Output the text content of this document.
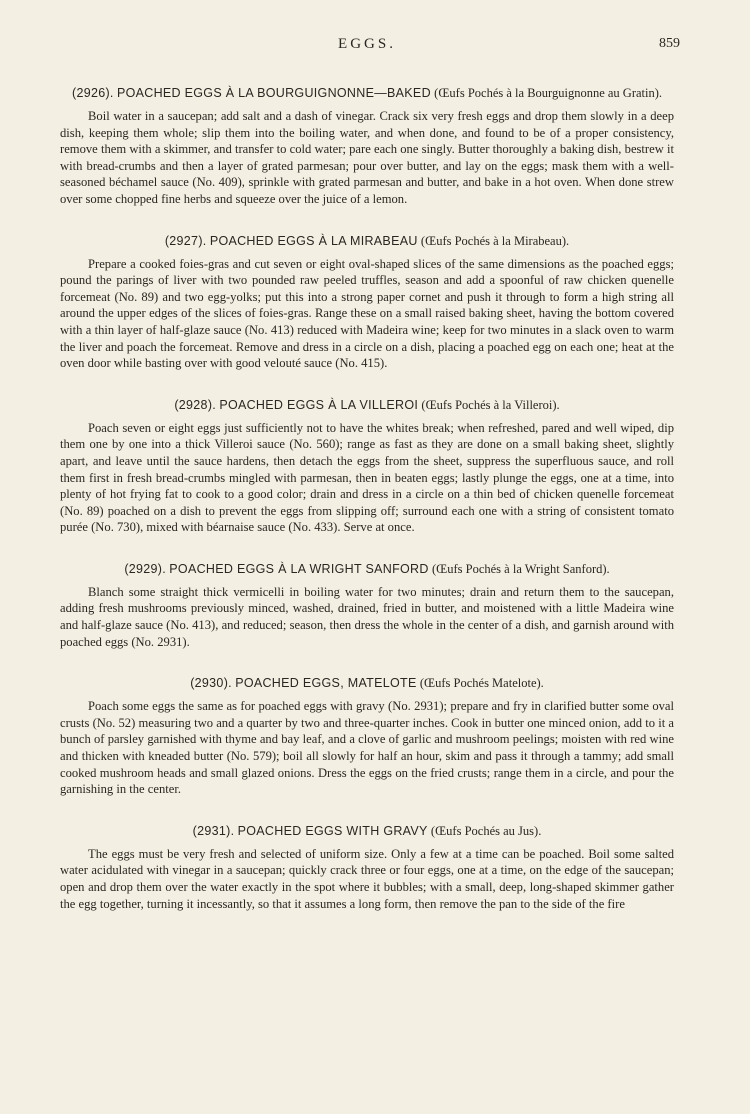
EGGS.	859
(2926). POACHED EGGS À LA BOURGUIGNONNE—BAKED (Œufs Pochés à la Bourguignonne au Gratin).

Boil water in a saucepan; add salt and a dash of vinegar. Crack six very fresh eggs and drop them slowly in a deep dish, keeping them whole; slip them into the boiling water, and when done, and found to be of a proper consistency, remove them with a skimmer, and transfer to cold water; pare each one singly. Butter thoroughly a baking dish, bestrew it with bread-crumbs and then a layer of grated parmesan; pour over butter, and lay on the eggs; mask them with a well-seasoned béchamel sauce (No. 409), sprinkle with grated parmesan and butter, and bake in a hot oven. When done strew over some chopped fine herbs and squeeze over the juice of a lemon.

(2927). POACHED EGGS À LA MIRABEAU (Œufs Pochés à la Mirabeau).

Prepare a cooked foies-gras and cut seven or eight oval-shaped slices of the same dimensions as the poached eggs; pound the parings of liver with two pounded raw peeled truffles, season and add a spoonful of raw chicken quenelle forcemeat (No. 89) and two egg-yolks; put this into a strong paper cornet and push it through to form a high string all around the upper edges of the slices of foies-gras. Range these on a small raised baking sheet, having the bottom covered with a thin layer of half-glaze sauce (No. 413) reduced with Madeira wine; keep for two minutes in a slack oven to warm the liver and poach the forcemeat. Remove and dress in a circle on a dish, placing a poached egg on each one; heat at the oven door while basting over with good velouté sauce (No. 415).

(2928). POACHED EGGS À LA VILLEROI (Œufs Pochés à la Villeroi).

Poach seven or eight eggs just sufficiently not to have the whites break; when refreshed, pared and well wiped, dip them one by one into a thick Villeroi sauce (No. 560); range as fast as they are done on a small baking sheet, slightly apart, and leave until the sauce hardens, then detach the eggs from the sheet, suppress the superfluous sauce, and roll them first in fresh bread-crumbs mingled with parmesan, then in beaten eggs; lastly plunge the eggs, one at a time, into plenty of hot frying fat to cook to a good color; drain and dress in a circle on a thin bed of chicken quenelle forcemeat (No. 89) poached on a dish to prevent the eggs from slipping off; surround each one with a string of consistent tomato purée (No. 730), mixed with béarnaise sauce (No. 433). Serve at once.

(2929). POACHED EGGS À LA WRIGHT SANFORD (Œufs Pochés à la Wright Sanford).

Blanch some straight thick vermicelli in boiling water for two minutes; drain and return them to the saucepan, adding fresh mushrooms previously minced, washed, drained, fried in butter, and moistened with a little Madeira wine and half-glaze sauce (No. 413), and reduced; season, then dress the whole in the center of a dish, and garnish around with poached eggs (No. 2931).

(2930). POACHED EGGS, MATELOTE (Œufs Pochés Matelote).

Poach some eggs the same as for poached eggs with gravy (No. 2931); prepare and fry in clarified butter some oval crusts (No. 52) measuring two and a quarter by two and three-quarter inches. Cook in butter one minced onion, add to it a bunch of parsley garnished with thyme and bay leaf, and a clove of garlic and mushroom peelings; moisten with red wine and thicken with kneaded butter (No. 579); boil all slowly for half an hour, skim and pass it through a tammy; add small cooked mushroom heads and small glazed onions. Dress the eggs on the fried crusts; range them in a circle, and pour the garnishing in the center.

(2931). POACHED EGGS WITH GRAVY (Œufs Pochés au Jus).

The eggs must be very fresh and selected of uniform size. Only a few at a time can be poached. Boil some salted water acidulated with vinegar in a saucepan; quickly crack three or four eggs, one at a time, on the edge of the saucepan; open and drop them over the water exactly in the spot where it bubbles; with a small, deep, long-shaped skimmer gather the egg together, turning it incessantly, so that it assumes a long form, then remove the pan to the side of the fire
